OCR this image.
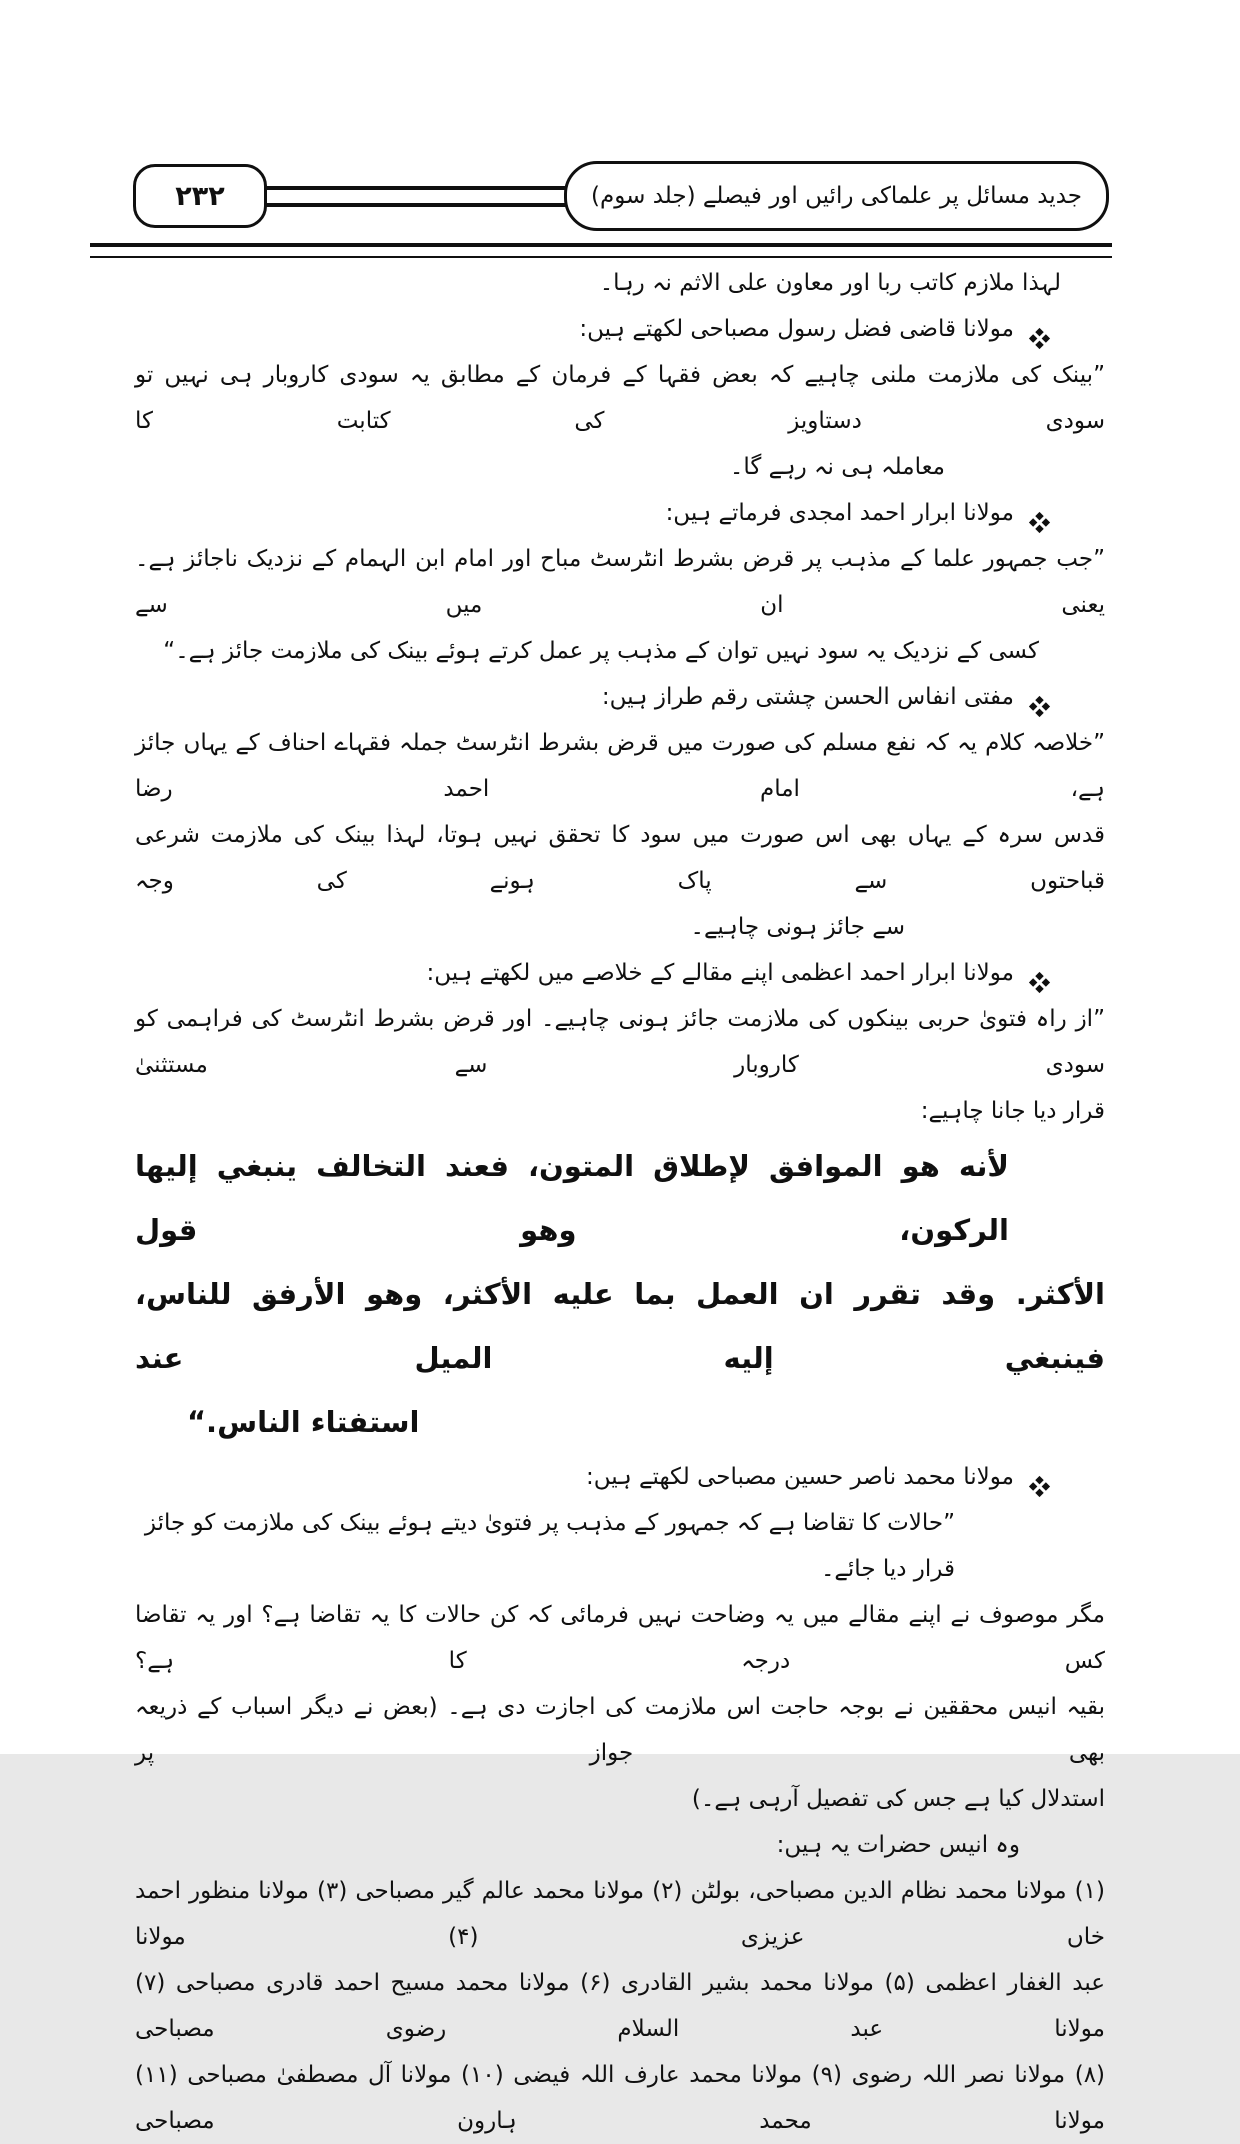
۲۳۲	جدید مسائل پر علماکی رائیں اور فیصلے (جلد سوم)
لہذا ملازم کاتب ربا اور معاون علی الاثم نہ رہا۔
مولانا قاضی فضل رسول مصباحی لکھتے ہیں:
”بینک کی ملازمت ملنی چاہیے کہ بعض فقہا کے فرمان کے مطابق یہ سودی کاروبار ہی نہیں تو سودی دستاویز کی کتابت کا
معاملہ ہی نہ رہے گا۔
مولانا ابرار احمد امجدی فرماتے ہیں:
”جب جمہور علما کے مذہب پر قرض بشرط انٹرسٹ مباح اور امام ابن الہمام کے نزدیک ناجائز ہے۔ یعنی ان میں سے
کسی کے نزدیک یہ سود نہیں توان کے مذہب پر عمل کرتے ہوئے بینک کی ملازمت جائز ہے۔“
مفتی انفاس الحسن چشتی رقم طراز ہیں:
”خلاصہ کلام یہ کہ نفع مسلم کی صورت میں قرض بشرط انٹرسٹ جملہ فقہاے احناف کے یہاں جائز ہے، امام احمد رضا
قدس سرہ کے یہاں بھی اس صورت میں سود کا تحقق نہیں ہوتا، لہذا بینک کی ملازمت شرعی قباحتوں سے پاک ہونے کی وجہ
سے جائز ہونی چاہیے۔
مولانا ابرار احمد اعظمی اپنے مقالے کے خلاصے میں لکھتے ہیں:
”از راہ فتویٰ حربی بینکوں کی ملازمت جائز ہونی چاہیے۔ اور قرض بشرط انٹرسٹ کی فراہمی کو سودی کاروبار سے مستثنیٰ
قرار دیا جانا چاہیے:
لأنه هو الموافق لإطلاق المتون، فعند التخالف ينبغي إليها الركون، وهو قول
الأكثر. وقد تقرر ان العمل بما عليه الأكثر، وهو الأرفق للناس، فينبغي إليه الميل عند
استفتاء الناس.“
مولانا محمد ناصر حسین مصباحی لکھتے ہیں:
”حالات کا تقاضا ہے کہ جمہور کے مذہب پر فتویٰ دیتے ہوئے بینک کی ملازمت کو جائز قرار دیا جائے۔
مگر موصوف نے اپنے مقالے میں یہ وضاحت نہیں فرمائی کہ کن حالات کا یہ تقاضا ہے؟ اور یہ تقاضا کس درجہ کا ہے؟
بقیہ انیس محققین نے بوجہ حاجت اس ملازمت کی اجازت دی ہے۔ (بعض نے دیگر اسباب کے ذریعہ بھی جواز پر
استدلال کیا ہے جس کی تفصیل آرہی ہے۔)
وہ انیس حضرات یہ ہیں:
(۱) مولانا محمد نظام الدین مصباحی، بولٹن (۲) مولانا محمد عالم گیر مصباحی (۳) مولانا منظور احمد خاں عزیزی (۴) مولانا
عبد الغفار اعظمی (۵) مولانا محمد بشیر القادری (۶) مولانا محمد مسیح احمد قادری مصباحی (۷) مولانا عبد السلام رضوی مصباحی
(۸) مولانا نصر اللہ رضوی (۹) مولانا محمد عارف اللہ فیضی (۱۰) مولانا آل مصطفیٰ مصباحی (۱۱) مولانا محمد ہارون مصباحی
